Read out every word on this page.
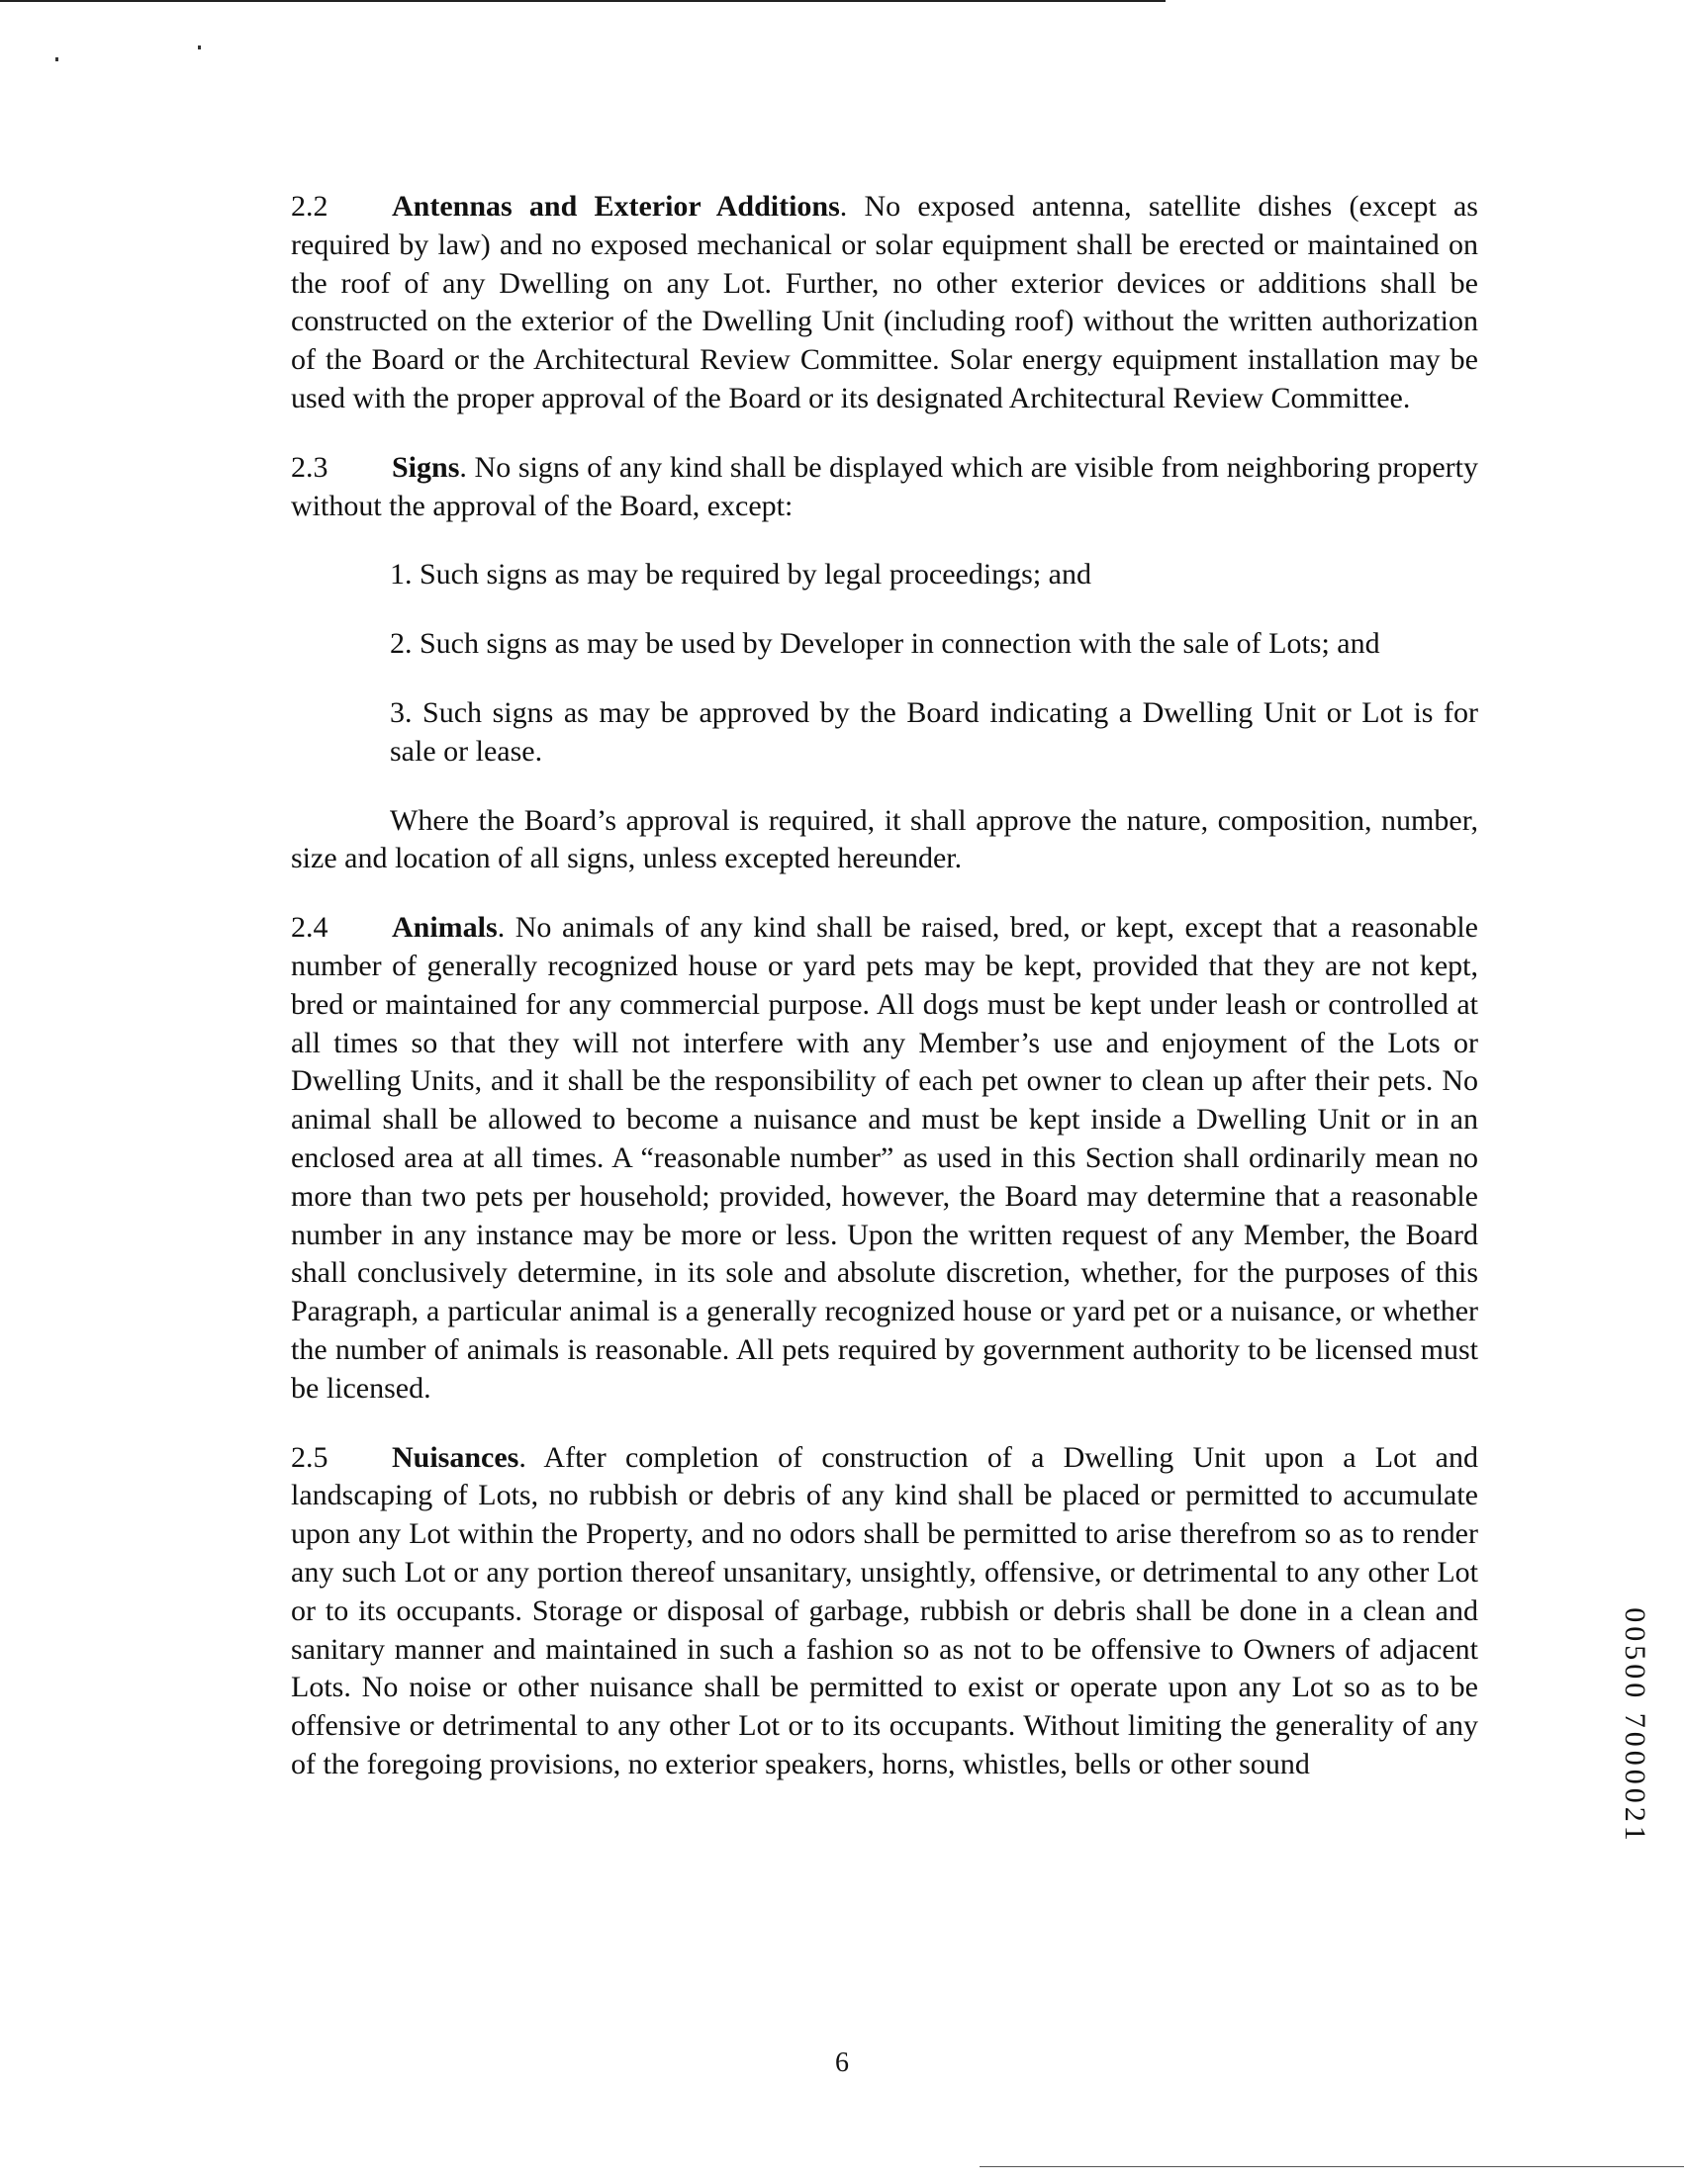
2.2 Antennas and Exterior Additions. No exposed antenna, satellite dishes (except as required by law) and no exposed mechanical or solar equipment shall be erected or maintained on the roof of any Dwelling on any Lot. Further, no other exterior devices or additions shall be constructed on the exterior of the Dwelling Unit (including roof) without the written authorization of the Board or the Architectural Review Committee. Solar energy equipment installation may be used with the proper approval of the Board or its designated Architectural Review Committee.

2.3 Signs. No signs of any kind shall be displayed which are visible from neighboring property without the approval of the Board, except:

1. Such signs as may be required by legal proceedings; and

2. Such signs as may be used by Developer in connection with the sale of Lots; and

3. Such signs as may be approved by the Board indicating a Dwelling Unit or Lot is for sale or lease.

Where the Board’s approval is required, it shall approve the nature, composition, number, size and location of all signs, unless excepted hereunder.

2.4 Animals. No animals of any kind shall be raised, bred, or kept, except that a reasonable number of generally recognized house or yard pets may be kept, provided that they are not kept, bred or maintained for any commercial purpose. All dogs must be kept under leash or controlled at all times so that they will not interfere with any Member’s use and enjoyment of the Lots or Dwelling Units, and it shall be the responsibility of each pet owner to clean up after their pets. No animal shall be allowed to become a nuisance and must be kept inside a Dwelling Unit or in an enclosed area at all times. A “reasonable number” as used in this Section shall ordinarily mean no more than two pets per household; provided, however, the Board may determine that a reasonable number in any instance may be more or less. Upon the written request of any Member, the Board shall conclusively determine, in its sole and absolute discretion, whether, for the purposes of this Paragraph, a particular animal is a generally recognized house or yard pet or a nuisance, or whether the number of animals is reasonable. All pets required by government authority to be licensed must be licensed.

2.5 Nuisances. After completion of construction of a Dwelling Unit upon a Lot and landscaping of Lots, no rubbish or debris of any kind shall be placed or permitted to accumulate upon any Lot within the Property, and no odors shall be permitted to arise therefrom so as to render any such Lot or any portion thereof unsanitary, unsightly, offensive, or detrimental to any other Lot or to its occupants. Storage or disposal of garbage, rubbish or debris shall be done in a clean and sanitary manner and maintained in such a fashion so as not to be offensive to Owners of adjacent Lots. No noise or other nuisance shall be permitted to exist or operate upon any Lot so as to be offensive or detrimental to any other Lot or to its occupants. Without limiting the generality of any of the foregoing provisions, no exterior speakers, horns, whistles, bells or other sound	00500 7000021
6
